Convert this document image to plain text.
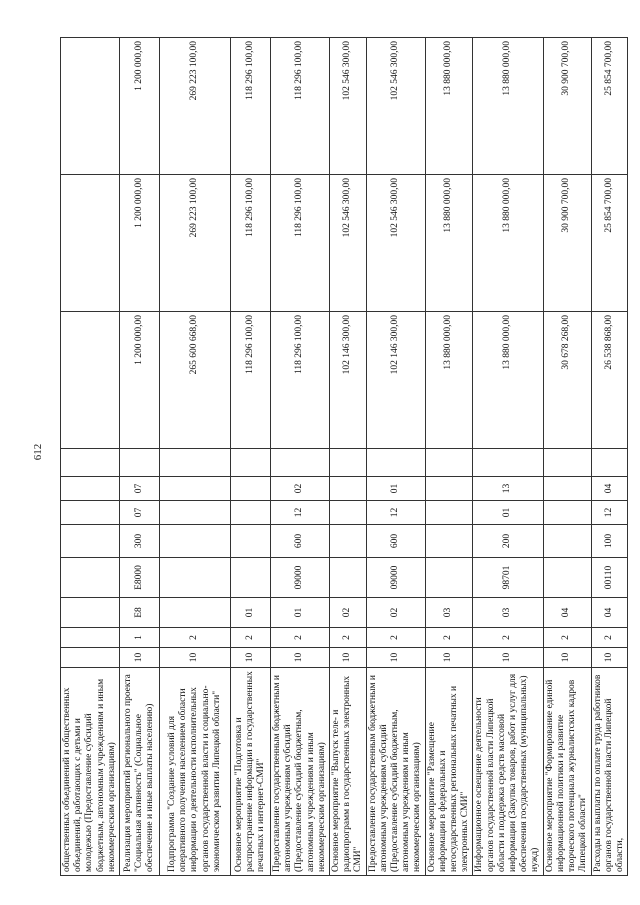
612
общественных объединений и общественных объединений, работающих с детьми и молодежью (Предоставление субсидий бюджетным, автономным учреждениям и иным некоммерческим организациям)											
Реализация мероприятий регионального проекта "Социальная активность" (Социальное обеспечение и иные выплаты населению)	10	1	E8	E8000	300	07	07		1 200 000,00	1 200 000,00	1 200 000,00
Подпрограмма "Создание условий для оперативного получения населением области информации о деятельности исполнительных органов государственной власти и социально-экономическом развитии Липецкой области"	10	2							265 600 668,00	269 223 100,00	269 223 100,00
Основное мероприятие "Подготовка и распространение информации в государственных печатных и интернет-СМИ"	10	2	01						118 296 100,00	118 296 100,00	118 296 100,00
Предоставление государственным бюджетным и автономным учреждениям субсидий (Предоставление субсидий бюджетным, автономным учреждениям и иным некоммерческим организациям)	10	2	01	09000	600	12	02		118 296 100,00	118 296 100,00	118 296 100,00
Основное мероприятие "Выпуск теле- и радиопрограмм в государственных электронных СМИ"	10	2	02						102 146 300,00	102 546 300,00	102 546 300,00
Предоставление государственным бюджетным и автономным учреждениям субсидий (Предоставление субсидий бюджетным, автономным учреждениям и иным некоммерческим организациям)	10	2	02	09000	600	12	01		102 146 300,00	102 546 300,00	102 546 300,00
Основное мероприятие "Размещение информации в федеральных и негосударственных региональных печатных и электронных СМИ"	10	2	03						13 880 000,00	13 880 000,00	13 880 000,00
Информационное освещение деятельности органов государственной власти Липецкой области и поддержка средств массовой информации (Закупка товаров, работ и услуг для обеспечения государственных (муниципальных) нужд)	10	2	03	98701	200	01	13		13 880 000,00	13 880 000,00	13 880 000,00
Основное мероприятие "Формирование единой информационной политики и развитие творческого потенциала журналистских кадров Липецкой области"	10	2	04						30 678 268,00	30 900 700,00	30 900 700,00
Расходы на выплаты по оплате труда работников органов государственной власти Липецкой области,	10	2	04	00110	100	12	04		26 538 868,00	25 854 700,00	25 854 700,00
